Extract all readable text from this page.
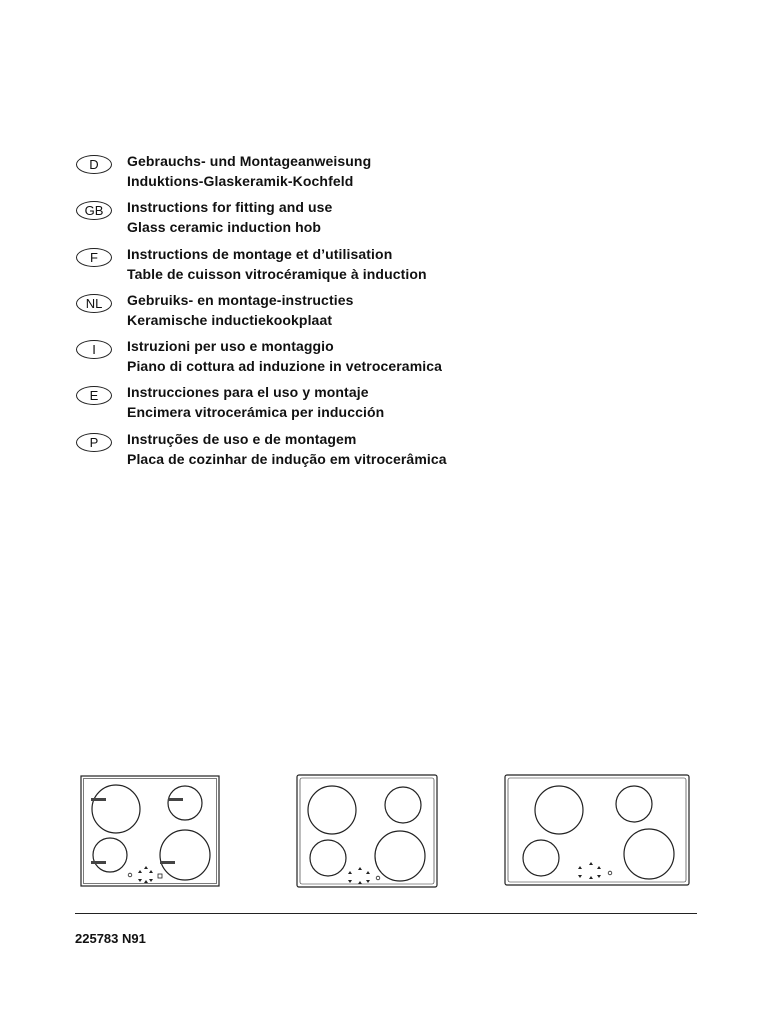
D	Gebrauchs- und Montageanweisung
Induktions-Glaskeramik-Kochfeld
GB	Instructions for fitting and use
Glass ceramic induction hob
F	Instructions de montage et d’utilisation
Table de cuisson vitrocéramique à induction
NL	Gebruiks- en montage-instructies
Keramische inductiekookplaat
I	Istruzioni per uso e montaggio
Piano di cottura ad induzione in vetroceramica
E	Instrucciones para el uso y montaje
Encimera vitrocerámica per inducción
P	Instruções de uso e de montagem
Placa de cozinhar de indução em vitrocerâmica
225783 N91
